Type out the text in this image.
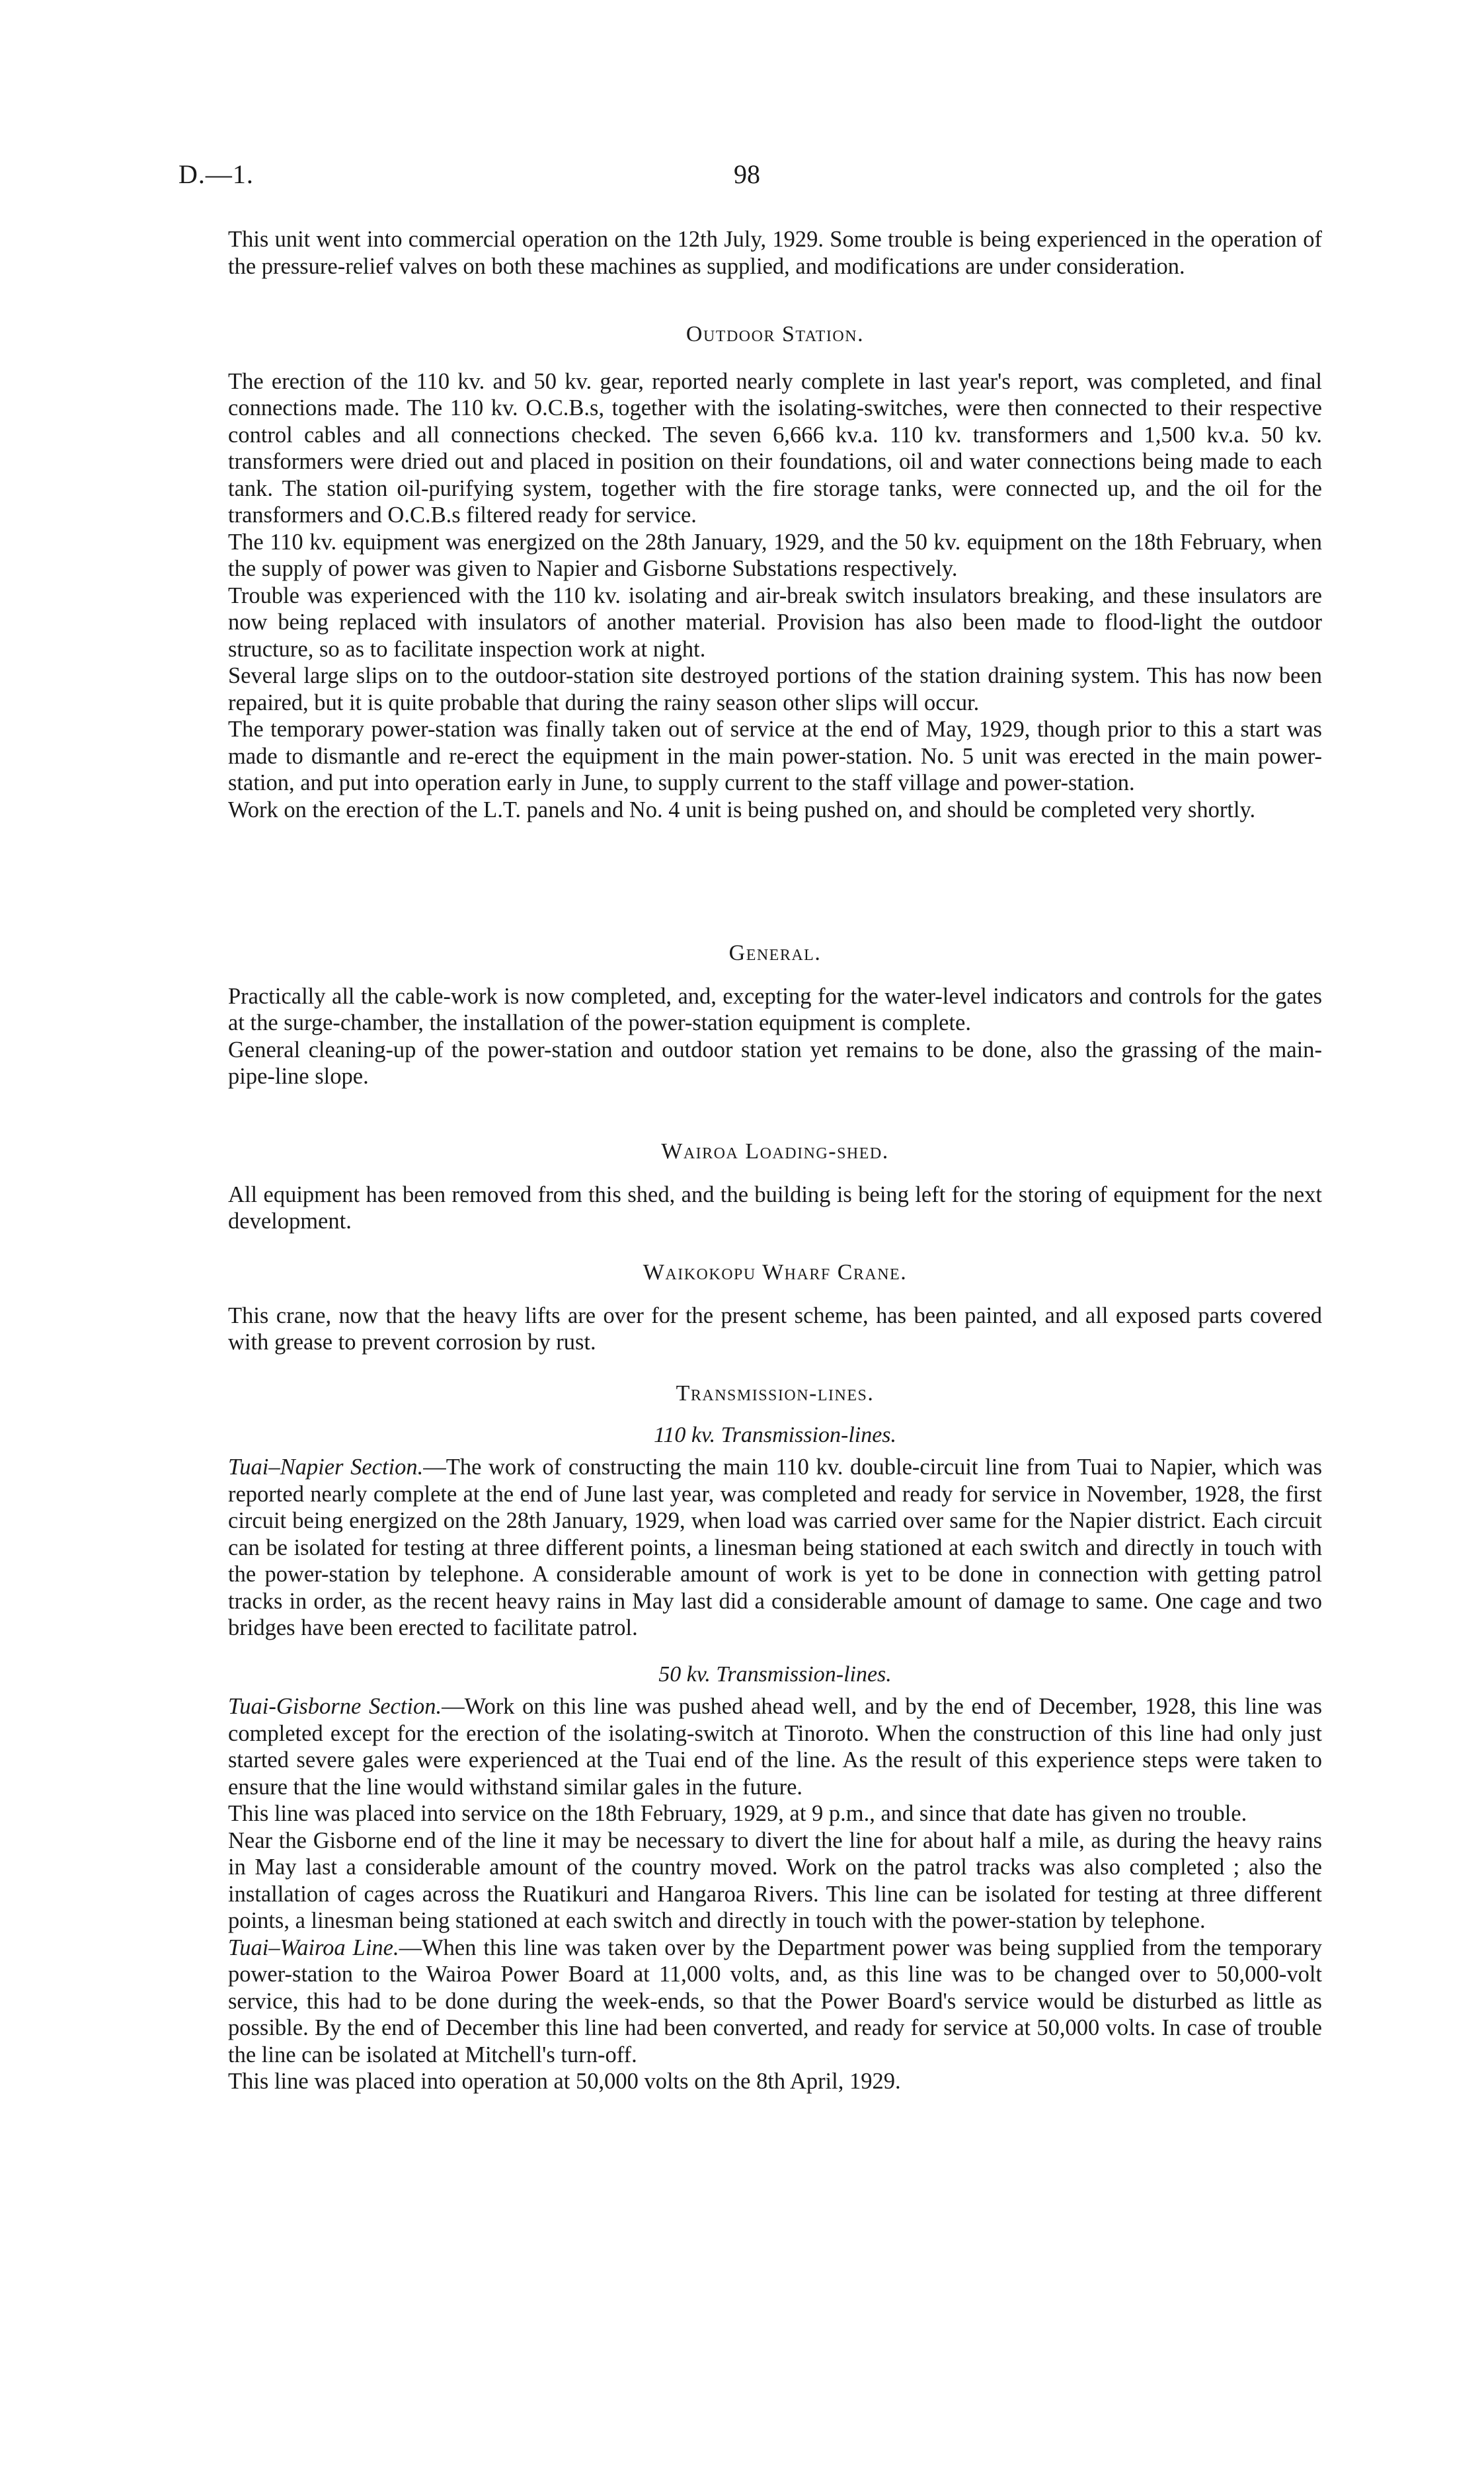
D.—1.	98

This unit went into commercial operation on the 12th July, 1929. Some trouble is being experienced in the operation of the pressure-relief valves on both these machines as supplied, and modifications are under consideration.

Outdoor Station.

The erection of the 110 kv. and 50 kv. gear, reported nearly complete in last year's report, was completed, and final connections made. The 110 kv. O.C.B.s, together with the isolating-switches, were then connected to their respective control cables and all connections checked. The seven 6,666 kv.a. 110 kv. transformers and 1,500 kv.a. 50 kv. transformers were dried out and placed in position on their foundations, oil and water connections being made to each tank. The station oil-purifying system, together with the fire storage tanks, were connected up, and the oil for the transformers and O.C.B.s filtered ready for service.

The 110 kv. equipment was energized on the 28th January, 1929, and the 50 kv. equipment on the 18th February, when the supply of power was given to Napier and Gisborne Substations respectively.

Trouble was experienced with the 110 kv. isolating and air-break switch insulators breaking, and these insulators are now being replaced with insulators of another material. Provision has also been made to flood-light the outdoor structure, so as to facilitate inspection work at night.

Several large slips on to the outdoor-station site destroyed portions of the station draining system. This has now been repaired, but it is quite probable that during the rainy season other slips will occur.

The temporary power-station was finally taken out of service at the end of May, 1929, though prior to this a start was made to dismantle and re-erect the equipment in the main power-station. No. 5 unit was erected in the main power-station, and put into operation early in June, to supply current to the staff village and power-station.

Work on the erection of the L.T. panels and No. 4 unit is being pushed on, and should be completed very shortly.

General.

Practically all the cable-work is now completed, and, excepting for the water-level indicators and controls for the gates at the surge-chamber, the installation of the power-station equipment is complete.

General cleaning-up of the power-station and outdoor station yet remains to be done, also the grassing of the main-pipe-line slope.

Wairoa Loading-shed.

All equipment has been removed from this shed, and the building is being left for the storing of equipment for the next development.

Waikokopu Wharf Crane.

This crane, now that the heavy lifts are over for the present scheme, has been painted, and all exposed parts covered with grease to prevent corrosion by rust.

Transmission-lines.
110 kv. Transmission-lines.

Tuai–Napier Section.—The work of constructing the main 110 kv. double-circuit line from Tuai to Napier, which was reported nearly complete at the end of June last year, was completed and ready for service in November, 1928, the first circuit being energized on the 28th January, 1929, when load was carried over same for the Napier district. Each circuit can be isolated for testing at three different points, a linesman being stationed at each switch and directly in touch with the power-station by telephone. A considerable amount of work is yet to be done in connection with getting patrol tracks in order, as the recent heavy rains in May last did a considerable amount of damage to same. One cage and two bridges have been erected to facilitate patrol.

50 kv. Transmission-lines.

Tuai-Gisborne Section.—Work on this line was pushed ahead well, and by the end of December, 1928, this line was completed except for the erection of the isolating-switch at Tinoroto. When the construction of this line had only just started severe gales were experienced at the Tuai end of the line. As the result of this experience steps were taken to ensure that the line would withstand similar gales in the future.

This line was placed into service on the 18th February, 1929, at 9 p.m., and since that date has given no trouble.

Near the Gisborne end of the line it may be necessary to divert the line for about half a mile, as during the heavy rains in May last a considerable amount of the country moved. Work on the patrol tracks was also completed ; also the installation of cages across the Ruatikuri and Hangaroa Rivers. This line can be isolated for testing at three different points, a linesman being stationed at each switch and directly in touch with the power-station by telephone.

Tuai–Wairoa Line.—When this line was taken over by the Department power was being supplied from the temporary power-station to the Wairoa Power Board at 11,000 volts, and, as this line was to be changed over to 50,000-volt service, this had to be done during the week-ends, so that the Power Board's service would be disturbed as little as possible. By the end of December this line had been converted, and ready for service at 50,000 volts. In case of trouble the line can be isolated at Mitchell's turn-off.

This line was placed into operation at 50,000 volts on the 8th April, 1929.
